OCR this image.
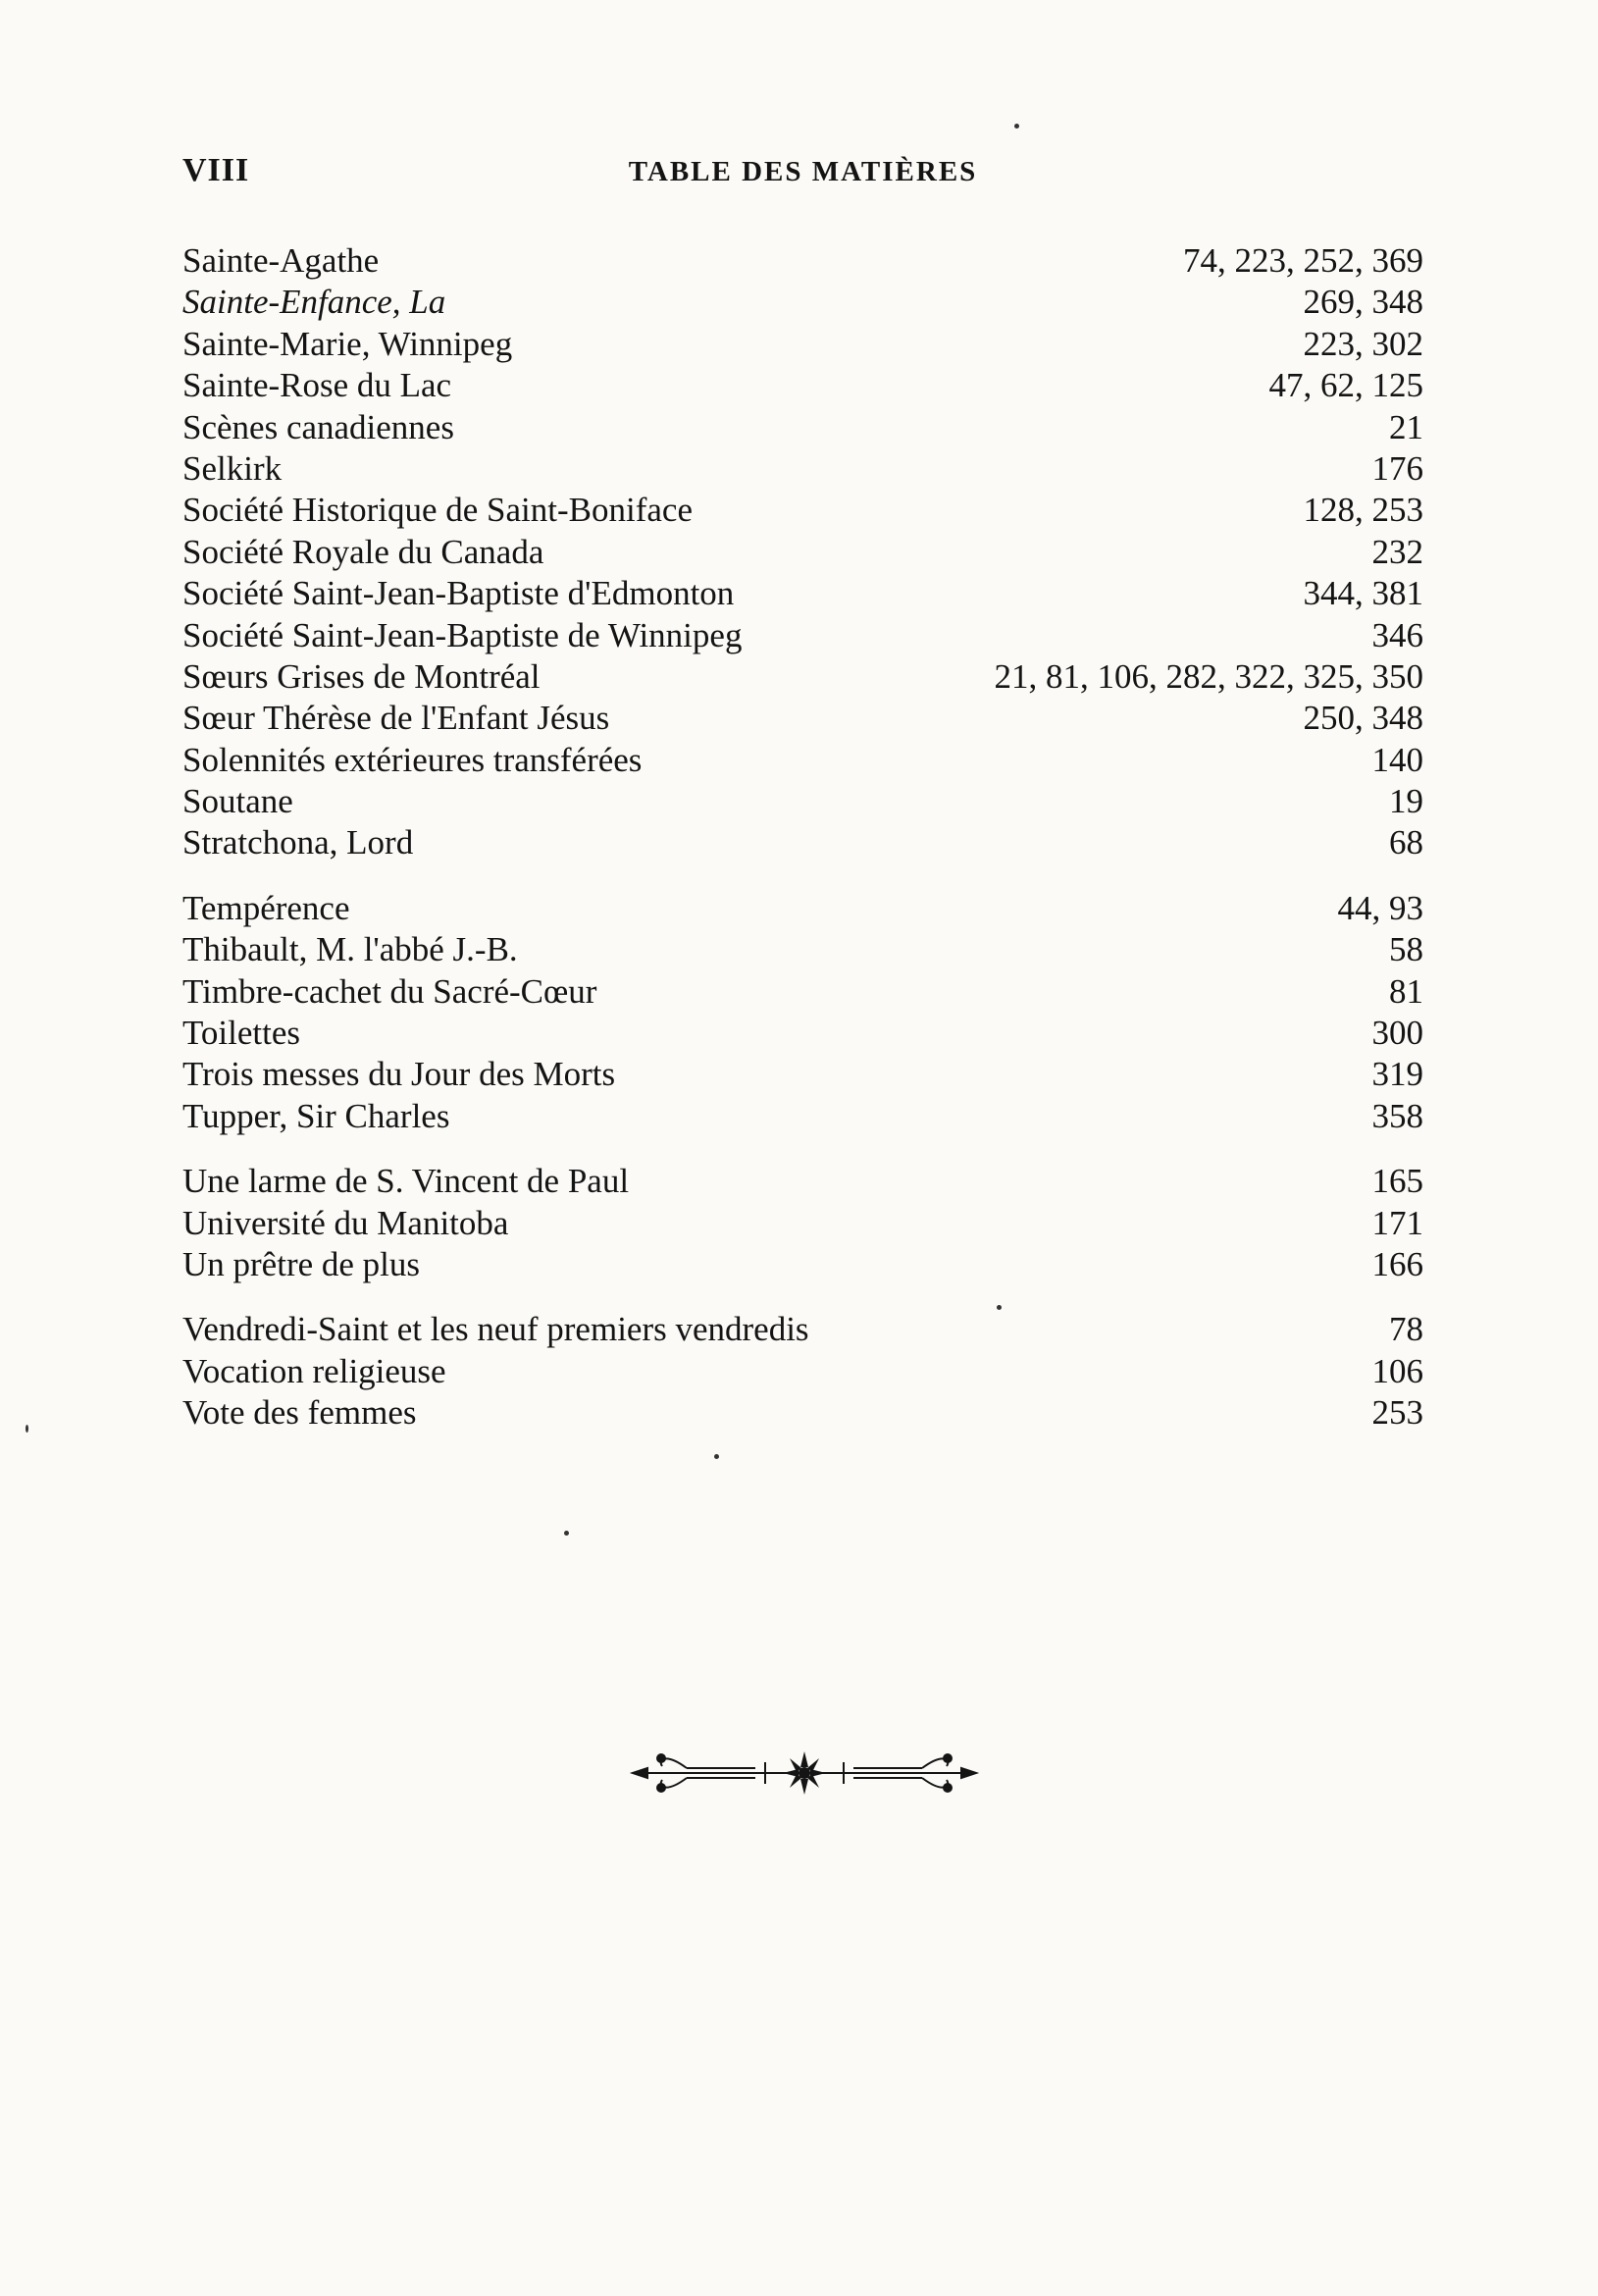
VIII	TABLE DES MATIÈRES
Sainte-Agathe	74, 223, 252, 369
Sainte-Enfance, La	269, 348
Sainte-Marie, Winnipeg	223, 302
Sainte-Rose du Lac	47, 62, 125
Scènes canadiennes	21
Selkirk	176
Société Historique de Saint-Boniface	128, 253
Société Royale du Canada	232
Société Saint-Jean-Baptiste d'Edmonton	344, 381
Société Saint-Jean-Baptiste de Winnipeg	346
Sœurs Grises de Montréal	21, 81, 106, 282, 322, 325, 350
Sœur Thérèse de l'Enfant Jésus	250, 348
Solennités extérieures transférées	140
Soutane	19
Stratchona, Lord	68
Tempérence	44, 93
Thibault, M. l'abbé J.-B.	58
Timbre-cachet du Sacré-Cœur	81
Toilettes	300
Trois messes du Jour des Morts	319
Tupper, Sir Charles	358
Une larme de S. Vincent de Paul	165
Université du Manitoba	171
Un prêtre de plus	166
Vendredi-Saint et les neuf premiers vendredis	78
Vocation religieuse	106
Vote des femmes	253
